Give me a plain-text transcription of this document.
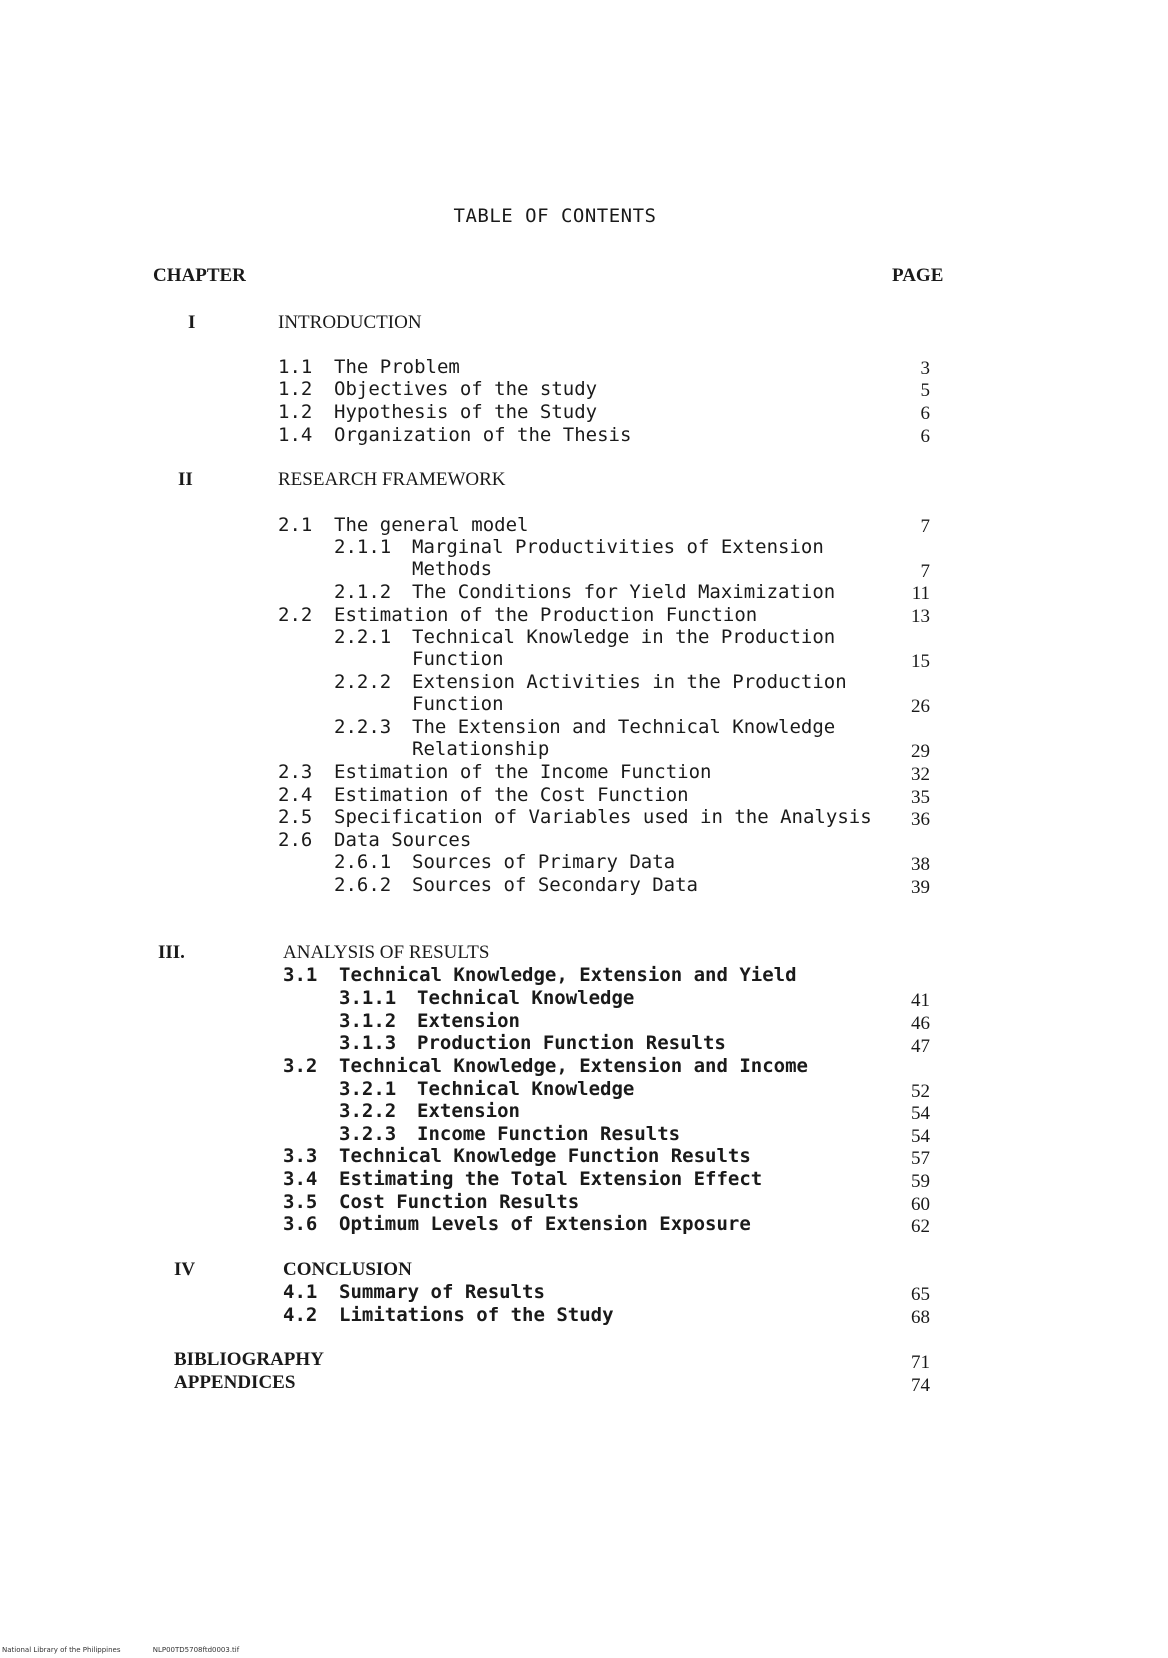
TABLE OF CONTENTS
CHAPTER	PAGE
I	INTRODUCTION
1.1 The Problem	3
1.2 Objectives of the study	5
1.2 Hypothesis of the Study	6
1.4 Organization of the Thesis	6
II	RESEARCH FRAMEWORK
2.1 The general model	7
2.1.1 Marginal Productivities of Extension
Methods	7
2.1.2 The Conditions for Yield Maximization	11
2.2 Estimation of the Production Function	13
2.2.1 Technical Knowledge in the Production
Function	15
2.2.2 Extension Activities in the Production
Function	26
2.2.3 The Extension and Technical Knowledge
Relationship	29
2.3 Estimation of the Income Function	32
2.4 Estimation of the Cost Function	35
2.5 Specification of Variables used in the Analysis	36
2.6 Data Sources
2.6.1 Sources of Primary Data	38
2.6.2 Sources of Secondary Data	39
III.	ANALYSIS OF RESULTS
3.1 Technical Knowledge, Extension and Yield
3.1.1 Technical Knowledge	41
3.1.2 Extension	46
3.1.3 Production Function Results	47
3.2 Technical Knowledge, Extension and Income
3.2.1 Technical Knowledge	52
3.2.2 Extension	54
3.2.3 Income Function Results	54
3.3 Technical Knowledge Function Results	57
3.4 Estimating the Total Extension Effect	59
3.5 Cost Function Results	60
3.6 Optimum Levels of Extension Exposure	62
IV	CONCLUSION
4.1 Summary of Results	65
4.2 Limitations of the Study	68
BIBLIOGRAPHY	71
APPENDICES	74
National Library of the Philippines	NLP00TD5708ftd0003.tif
